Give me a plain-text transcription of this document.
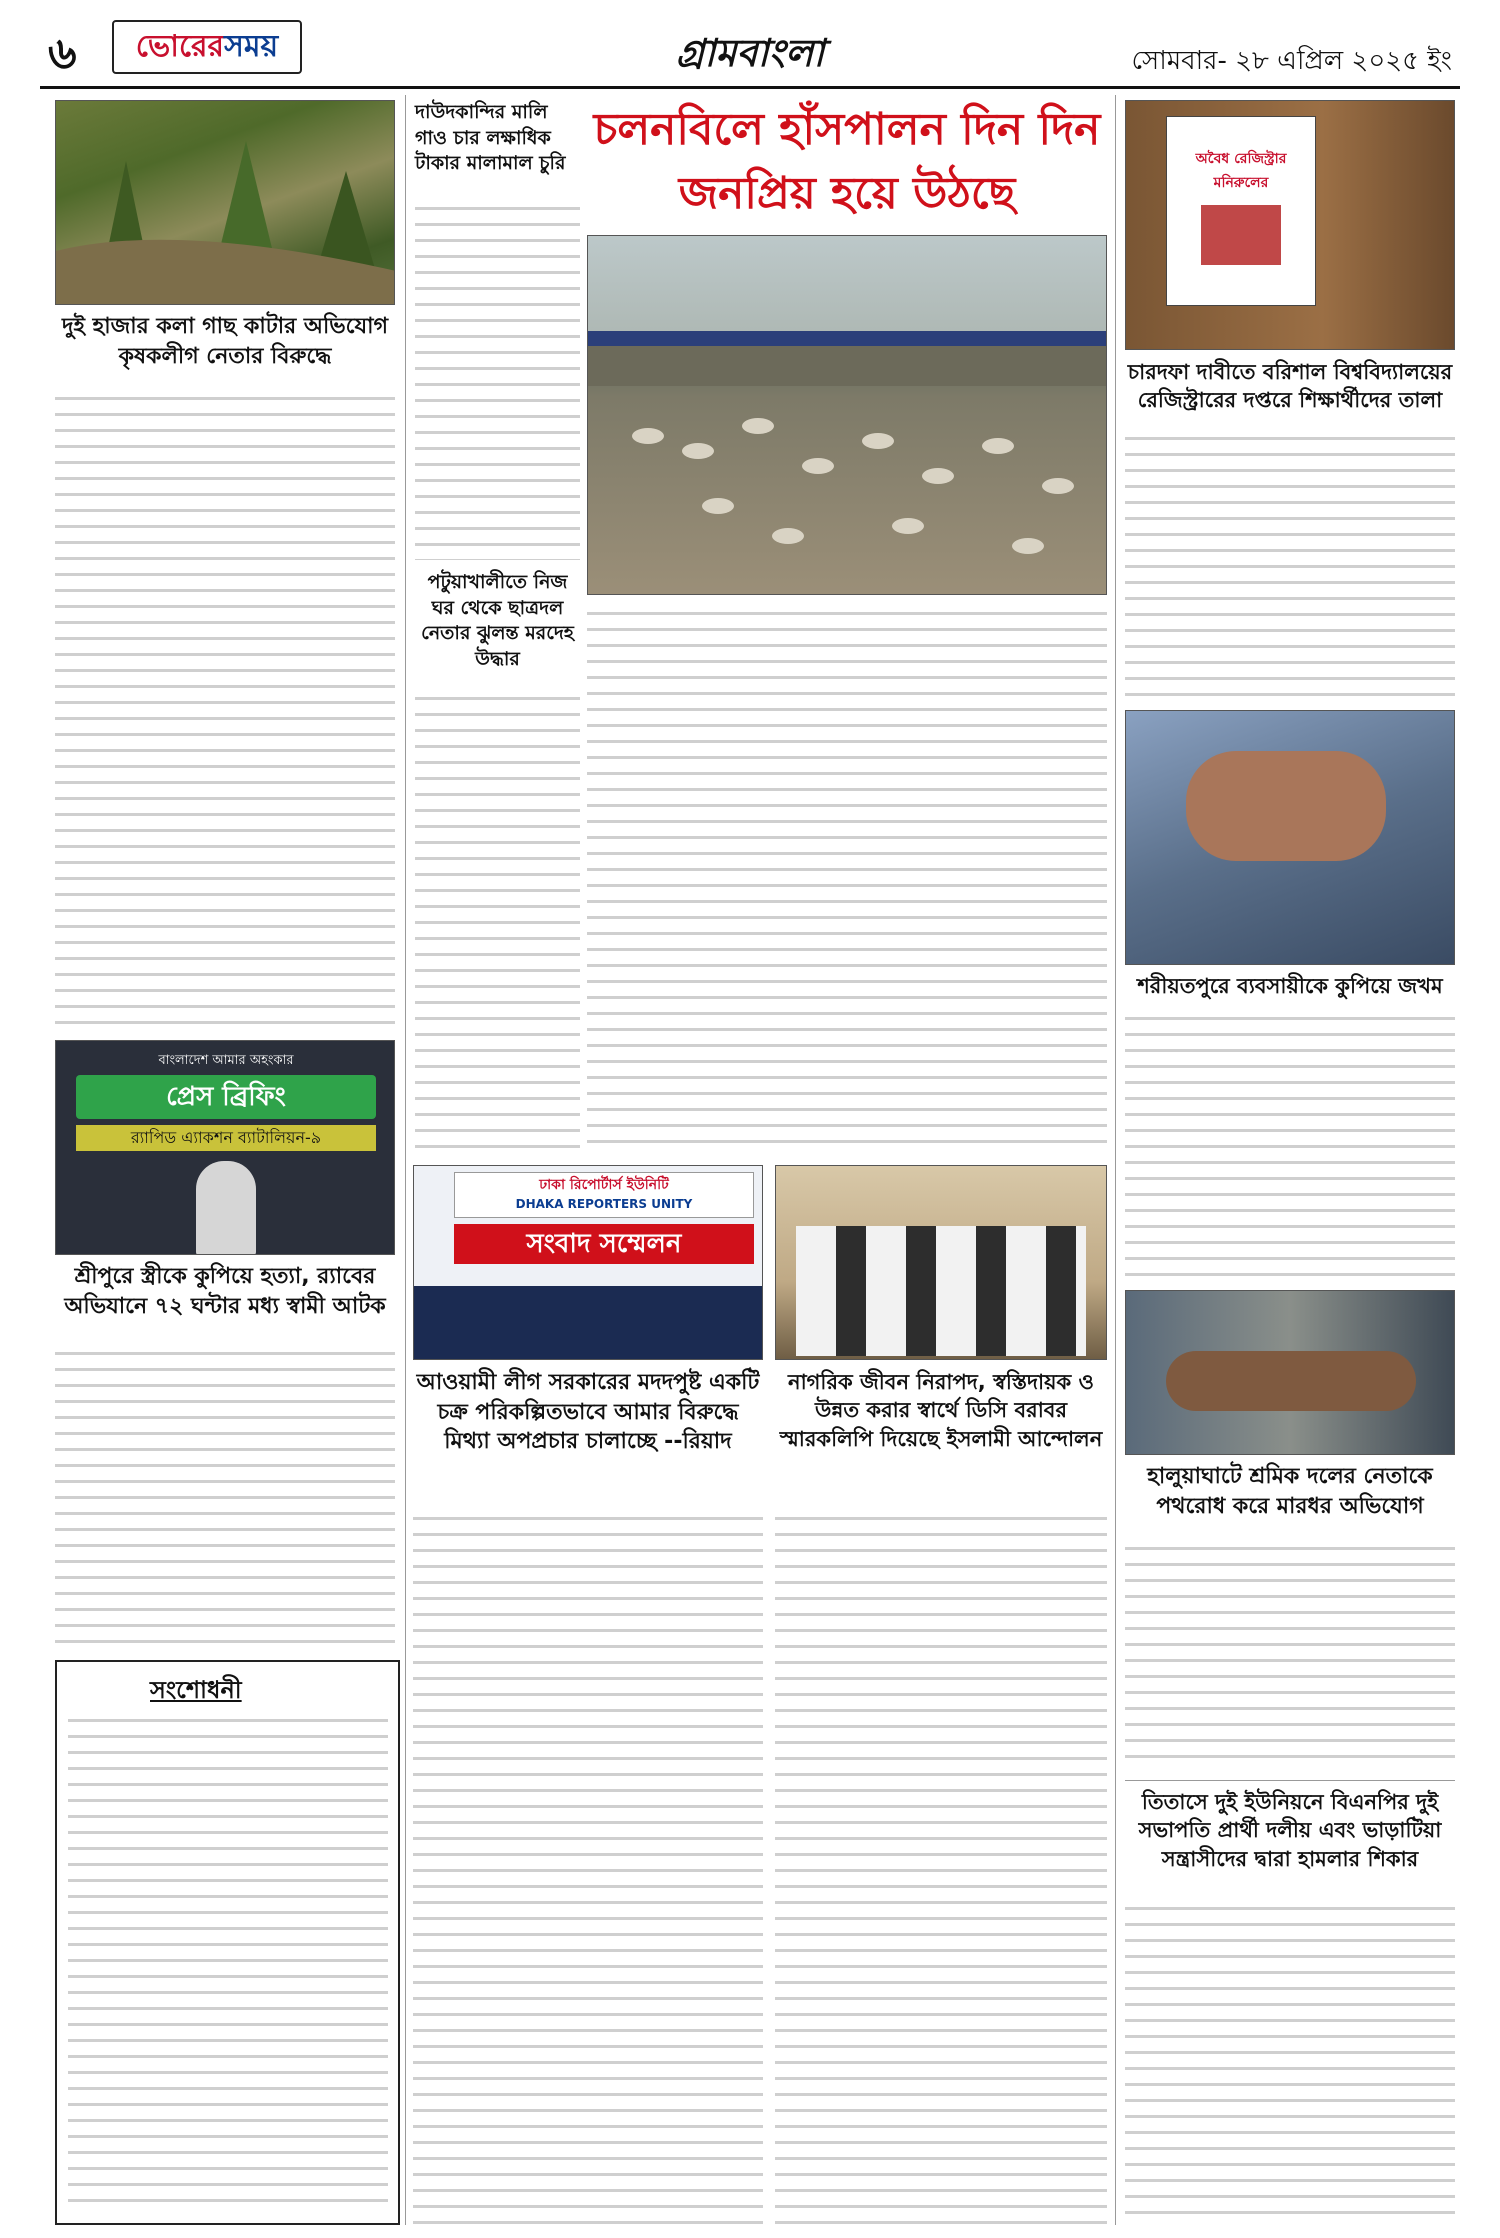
৬ ভোরের সময়	গ্রামবাংলা	সোমবার- ২৮ এপ্রিল ২০২৫ ইং
দুই হাজার কলা গাছ কাটার অভিযোগ কৃষকলীগ নেতার বিরুদ্ধে
বাংলাদেশ আমার অহংকার
প্রেস ব্রিফিং
র‌্যাপিড এ্যাকশন ব্যাটালিয়ন-৯
শ্রীপুরে স্ত্রীকে কুপিয়ে হত্যা, র‌্যাবের অভিযানে ৭২ ঘন্টার মধ্য স্বামী আটক
সংশোধনী
দাউদকান্দির মালি গাও চার লক্ষাধিক টাকার মালামাল চুরি
পটুয়াখালীতে নিজ ঘর থেকে ছাত্রদল নেতার ঝুলন্ত মরদেহ উদ্ধার
চলনবিলে হাঁসপালন দিন দিন জনপ্রিয় হয়ে উঠছে
অবৈধ রেজিস্ট্রার মনিরুলের
চারদফা দাবীতে বরিশাল বিশ্ববিদ্যালয়ের রেজিস্ট্রারের দপ্তরে শিক্ষার্থীদের তালা
শরীয়তপুরে ব্যবসায়ীকে কুপিয়ে জখম
হালুয়াঘাটে শ্রমিক দলের নেতাকে পথরোধ করে মারধর অভিযোগ
তিতাসে দুই ইউনিয়নে বিএনপির দুই সভাপতি প্রার্থী দলীয় এবং ভাড়াটিয়া সন্ত্রাসীদের দ্বারা হামলার শিকার
ঢাকা রিপোর্টার্স ইউনিটি
DHAKA REPORTERS UNITY
সংবাদ সম্মেলন
আওয়ামী লীগ সরকারের মদদপুষ্ট একটি চক্র পরিকল্পিতভাবে আমার বিরুদ্ধে মিথ্যা অপপ্রচার চালাচ্ছে --রিয়াদ
নাগরিক জীবন নিরাপদ, স্বস্তিদায়ক ও উন্নত করার স্বার্থে ডিসি বরাবর স্মারকলিপি দিয়েছে ইসলামী আন্দোলন
